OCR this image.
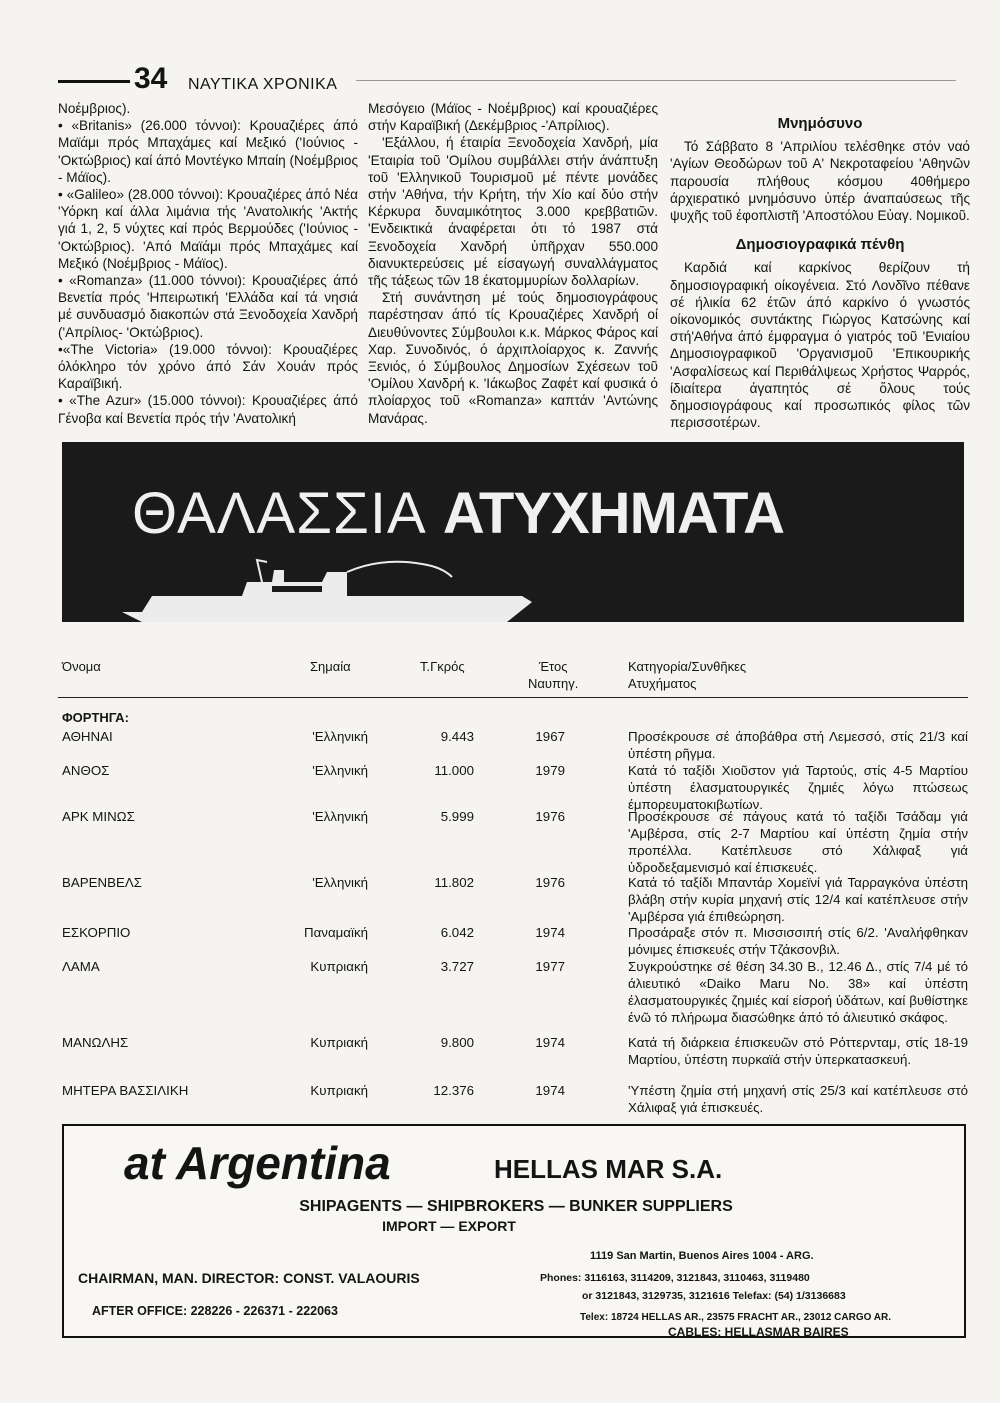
34 ΝΑΥΤΙΚΑ ΧΡΟΝΙΚΑ

Νοέμβριος).

• «Britanis» (26.000 τόννοι): Κρουαζιέρες άπό Μαϊάμι πρός Μπαχάμες καί Μεξικό ('Ιούνιος - 'Οκτώβριος) καί άπό Μοντέγκο Μπαίη (Νοέμβριος - Μάϊος).

• «Galileo» (28.000 τόννοι): Κρουαζιέρες άπό Νέα 'Υόρκη καί άλλα λιμάνια τής 'Ανατολικής 'Ακτής γιά 1, 2, 5 νύχτες καί πρός Βερμούδες ('Ιούνιος - 'Οκτώβριος). 'Από Μαϊάμι πρός Μπαχάμες καί Μεξικό (Νοέμβριος - Μάϊος).

• «Romanza» (11.000 τόννοι): Κρουαζιέρες άπό Βενετία πρός 'Ηπειρωτική 'Ελλάδα καί τά νησιά μέ συνδυασμό διακοπών στά Ξενοδοχεία Χανδρή ('Απρίλιος- 'Οκτώβριος).

•«The Victoria» (19.000 τόννοι): Κρουαζιέρες όλόκληρο τόν χρόνο άπό Σάν Χουάν πρός Καραϊβική.

• «The Azur» (15.000 τόννοι): Κρουαζιέρες άπό Γένοβα καί Βενετία πρός τήν 'Ανατολική

Μεσόγειο (Μάϊος - Νοέμβριος) καί κρουαζιέρες στήν Καραϊβική (Δεκέμβριος -'Απρίλιος).

'Εξάλλου, ή έταιρία Ξενοδοχεία Χανδρή, μία 'Εταιρία τοῦ 'Ομίλου συμβάλλει στήν άνάπτυξη τοῦ 'Ελληνικοῦ Τουρισμοῦ μέ πέντε μονάδες στήν 'Αθήνα, τήν Κρήτη, τήν Χίο καί δύο στήν Κέρκυρα δυναμικότητος 3.000 κρεββατιῶν. 'Ενδεικτικά άναφέρεται ότι τό 1987 στά Ξενοδοχεία Χανδρή ὑπῆρχαν 550.000 διανυκτερεύσεις μέ είσαγωγή συναλλάγματος τῆς τάξεως τῶν 18 έκατομμυρίων δολλαρίων.

Στή συνάντηση μέ τούς δημοσιογράφους παρέστησαν άπό τίς Κρουαζιέρες Χανδρή οί Διευθύνοντες Σύμβουλοι κ.κ. Μάρκος Φάρος καί Χαρ. Συνοδινός, ό άρχιπλοίαρχος κ. Ζαννής Ξενιός, ό Σύμβουλος Δημοσίων Σχέσεων τοῦ 'Ομίλου Χανδρή κ. 'Ιάκωβος Ζαφέτ καί φυσικά ό πλοίαρχος τοῦ «Romanza» καπτάν 'Αντώνης Μανάρας.

Μνημόσυνο

Τό Σάββατο 8 'Απριλίου τελέσθηκε στόν ναό 'Αγίων Θεοδώρων τοῦ Α' Νεκροταφείου 'Αθηνῶν παρουσία πλήθους κόσμου 40θήμερο άρχιερατικό μνημόσυνο ὑπέρ άναπαύσεως τῆς ψυχῆς τοῦ έφοπλιστῆ 'Αποστόλου Εὐαγ. Νομικοῦ.

Δημοσιογραφικά πένθη

Καρδιά καί καρκίνος θερίζουν τή δημοσιογραφική οίκογένεια. Στό Λονδῖνο πέθανε σέ ήλικία 62 έτῶν άπό καρκίνο ό γνωστός οίκονομικός συντάκτης Γιώργος Κατσώνης καί στή'Αθήνα άπό έμφραγμα ό γιατρός τοῦ 'Ενιαίου Δημοσιογραφικοῦ 'Οργανισμοῦ 'Επικουρικής 'Ασφαλίσεως καί Περιθάλψεως Χρήστος Ψαρρός, ίδιαίτερα άγαπητός σέ ὅλους τούς δημοσιογράφους καί προσωπικός φίλος τῶν περισσοτέρων.

ΘΑΛΑΣΣΙΑ ΑΤΥΧΗΜΑΤΑ
Όνομα	Σημαία	Τ.Γκρός	Έτος
Ναυπηγ.
Κατηγορία/Συνθῆκες
Ατυχήματος
ΦΟΡΤΗΓΑ:
ΑΘΗΝΑΙ	'Ελληνική	9.443	1967	Προσέκρουσε σέ άποβάθρα στή Λεμεσσό, στίς 21/3 καί ὑπέστη ρῆγμα.
ΑΝΘΟΣ	'Ελληνική	11.000	1979	Κατά τό ταξίδι Χιοῦστον γιά Ταρτούς, στίς 4-5 Μαρτίου ὑπέστη έλασματουργικές ζημιές λόγω πτώσεως έμπορευματοκιβωτίων.
ΑΡΚ ΜΙΝΩΣ	'Ελληνική	5.999	1976	Προσέκρουσε σέ πάγους κατά τό ταξίδι Τσάδαμ γιά 'Αμβέρσα, στίς 2-7 Μαρτίου καί ὑπέστη ζημία στήν προπέλλα. Κατέπλευσε στό Χάλιφαξ γιά ὑδροδεξαμενισμό καί έπισκευές.
ΒΑΡΕΝΒΕΛΣ	'Ελληνική	11.802	1976	Κατά τό ταξίδι Μπαντάρ Χομεϊνί γιά Ταρραγκόνα ὑπέστη βλάβη στήν κυρία μηχανή στίς 12/4 καί κατέπλευσε στήν 'Αμβέρσα γιά έπιθεώρηση.
ΕΣΚΟΡΠΙΟ	Παναμαϊκή	6.042	1974	Προσάραξε στόν π. Μισσισσιπή στίς 6/2. 'Αναλήφθηκαν μόνιμες έπισκευές στήν Τζάκσονβιλ.
ΛΑΜΑ	Κυπριακή	3.727	1977	Συγκρούστηκε σέ θέση 34.30 Β., 12.46 Δ., στίς 7/4 μέ τό άλιευτικό «Daiko Maru No. 38» καί ὑπέστη έλασματουργικές ζημιές καί είσροή ὑδάτων, καί βυθίστηκε ένῶ τό πλήρωμα διασώθηκε άπό τό άλιευτικό σκάφος.
ΜΑΝΩΛΗΣ	Κυπριακή	9.800	1974	Κατά τή διάρκεια έπισκευῶν στό Ρόττερνταμ, στίς 18-19 Μαρτίου, ὑπέστη πυρκαϊά στήν ὑπερκατασκευή.
ΜΗΤΕΡΑ ΒΑΣΣΙΛΙΚΗ	Κυπριακή	12.376	1974	'Υπέστη ζημία στή μηχανή στίς 25/3 καί κατέπλευσε στό Χάλιφαξ γιά έπισκευές.
at Argentina	HELLAS MAR S.A.
SHIPAGENTS — SHIPBROKERS — BUNKER SUPPLIERS
IMPORT — EXPORT
1119 San Martin, Buenos Aires 1004 - ARG.
CHAIRMAN, MAN. DIRECTOR: CONST. VALAOURIS	Phones: 3116163, 3114209, 3121843, 3110463, 3119480
or 3121843, 3129735, 3121616 Telefax: (54) 1/3136683
AFTER OFFICE: 228226 - 226371 - 222063	Telex: 18724 HELLAS AR., 23575 FRACHT AR., 23012 CARGO AR.
CABLES: HELLASMAR BAIRES
